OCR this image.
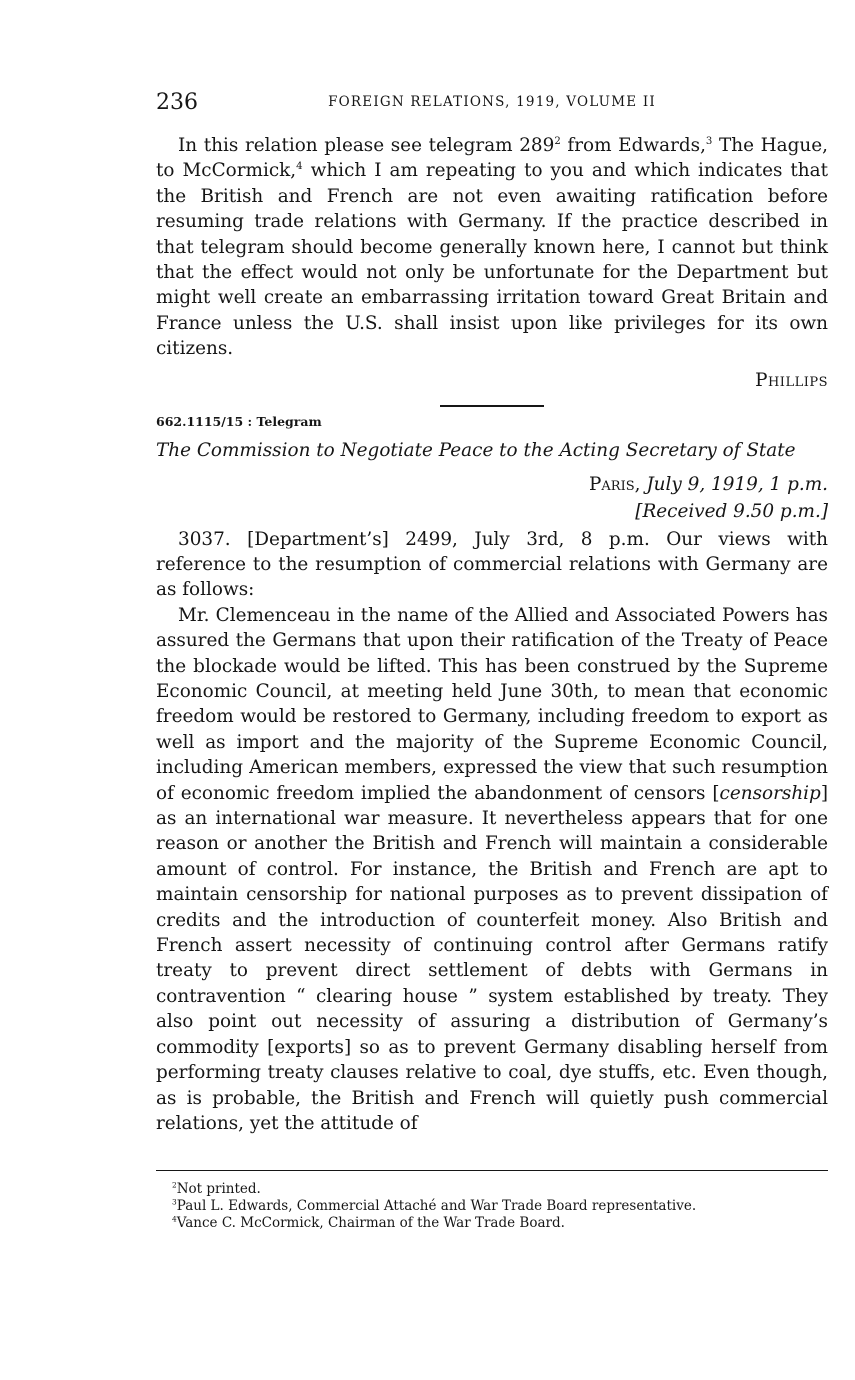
236	FOREIGN RELATIONS, 1919, VOLUME II

In this relation please see telegram $289^2$ from Edwards,$^3$ The Hague, to McCormick,$^4$ which I am repeating to you and which indicates that the British and French are not even awaiting ratification before resuming trade relations with Germany. If the practice described in that telegram should become generally known here, I cannot but think that the effect would not only be unfortunate for the Department but might well create an embarrassing irritation toward Great Britain and France unless the U.S. shall insist upon like privileges for its own citizens.

Phillips
662.1115/15 : Telegram
The Commission to Negotiate Peace to the Acting Secretary of State
Paris, July 9, 1919, 1 p.m.
[Received 9.50 p.m.]

3037. [Department’s] 2499, July 3rd, 8 p.m. Our views with reference to the resumption of commercial relations with Germany are as follows:

Mr. Clemenceau in the name of the Allied and Associated Powers has assured the Germans that upon their ratification of the Treaty of Peace the blockade would be lifted. This has been construed by the Supreme Economic Council, at meeting held June 30th, to mean that economic freedom would be restored to Germany, including freedom to export as well as import and the majority of the Supreme Economic Council, including American members, expressed the view that such resumption of economic freedom implied the abandonment of censors [censorship] as an international war measure. It nevertheless appears that for one reason or another the British and French will maintain a considerable amount of control. For instance, the British and French are apt to maintain censorship for national purposes as to prevent dissipation of credits and the introduction of counterfeit money. Also British and French assert necessity of continuing control after Germans ratify treaty to prevent direct settlement of debts with Germans in contravention “ clearing house ” system established by treaty. They also point out necessity of assuring a distribution of Germany’s commodity [exports] so as to prevent Germany disabling herself from performing treaty clauses relative to coal, dye stuffs, etc. Even though, as is probable, the British and French will quietly push commercial relations, yet the attitude of

$^2$Not printed.
$^3$Paul L. Edwards, Commercial Attaché and War Trade Board representative.
$^4$Vance C. McCormick, Chairman of the War Trade Board.
